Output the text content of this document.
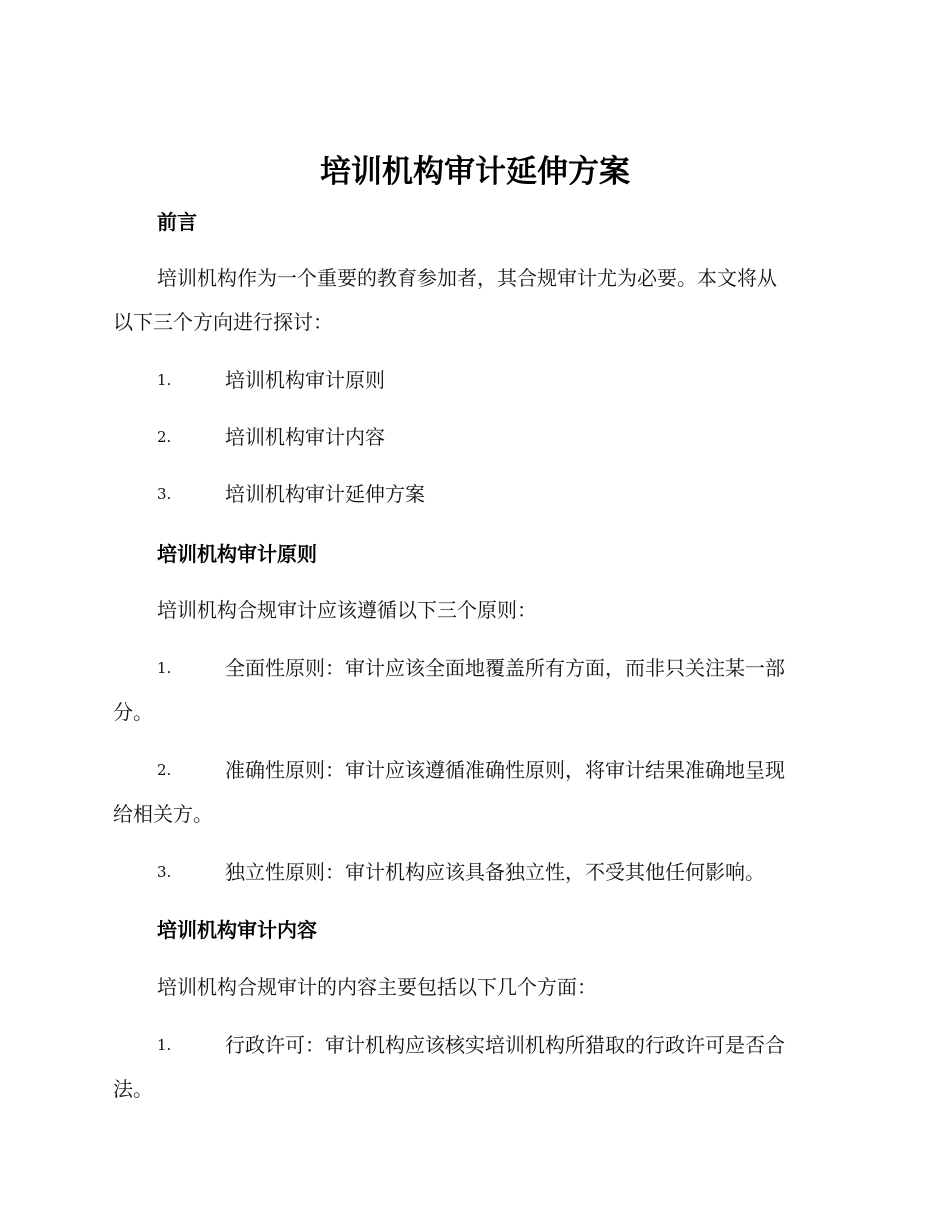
培训机构审计延伸方案
前言
培训机构作为一个重要的教育参加者，其合规审计尤为必要。本文将从
以下三个方向进行探讨：
1.	培训机构审计原则
2.	培训机构审计内容
3.	培训机构审计延伸方案
培训机构审计原则
培训机构合规审计应该遵循以下三个原则：
1.	全面性原则：审计应该全面地覆盖所有方面，而非只关注某一部
分。
2.	准确性原则：审计应该遵循准确性原则，将审计结果准确地呈现
给相关方。
3.	独立性原则：审计机构应该具备独立性，不受其他任何影响。
培训机构审计内容
培训机构合规审计的内容主要包括以下几个方面：
1.	行政许可：审计机构应该核实培训机构所猎取的行政许可是否合
法。
